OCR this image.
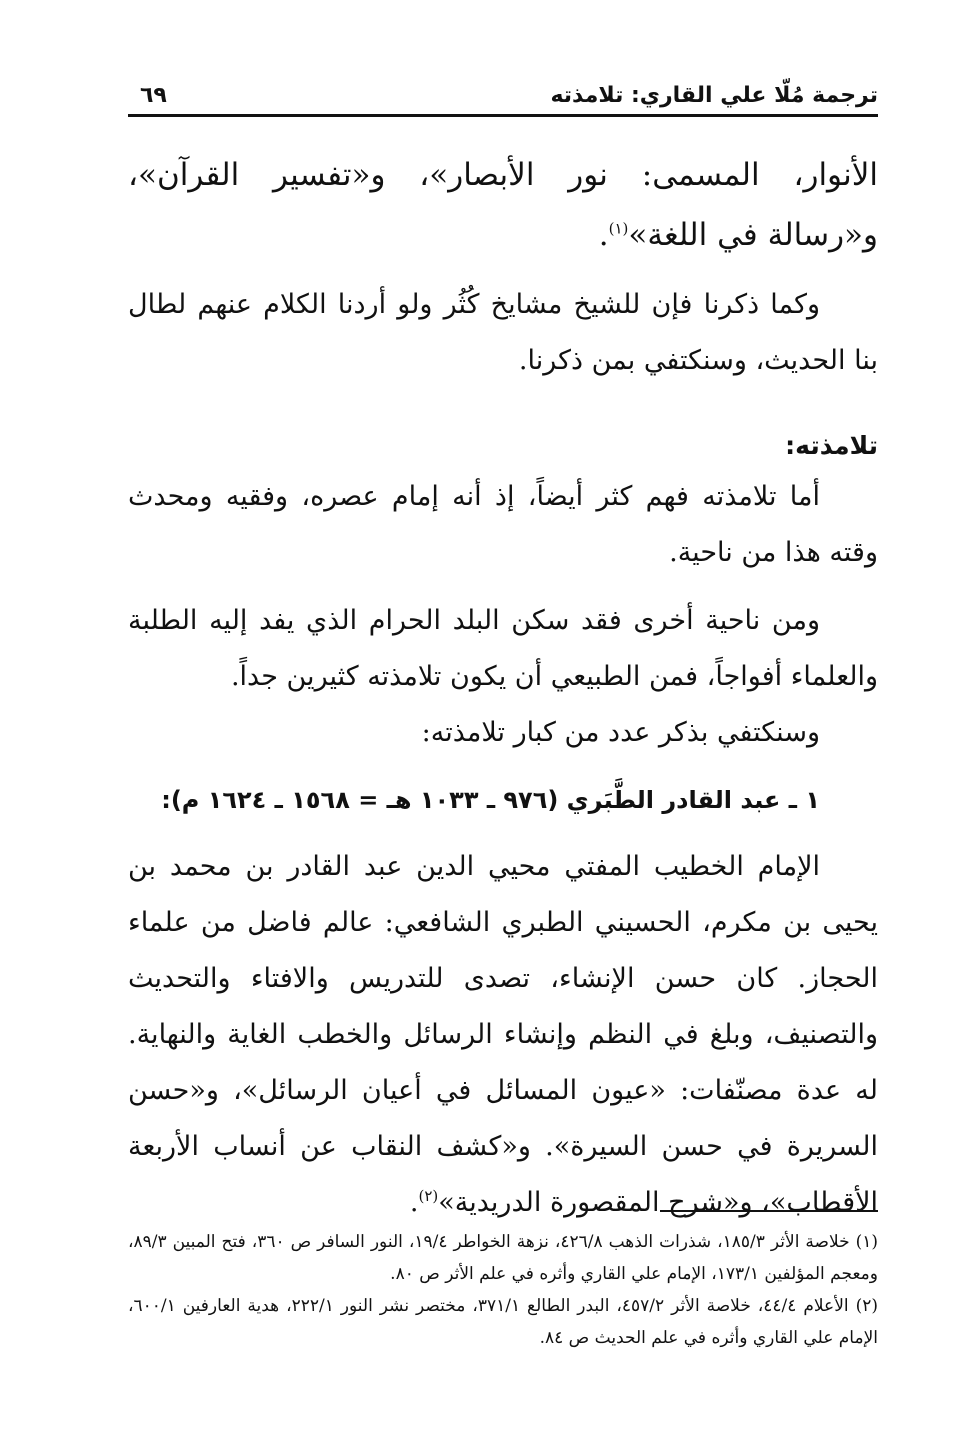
ترجمة مُلّا علي القاري: تلامذته
٦٩

الأنوار، المسمى: نور الأبصار»، و«تفسير القرآن»، و«رسالة في اللغة»$^{(١)}$.

وكما ذكرنا فإن للشيخ مشايخ كُثُر ولو أردنا الكلام عنهم لطال بنا الحديث، وسنكتفي بمن ذكرنا.

تلامذته:

أما تلامذته فهم كثر أيضاً، إذ أنه إمام عصره، وفقيه ومحدث وقته هذا من ناحية.

ومن ناحية أخرى فقد سكن البلد الحرام الذي يفد إليه الطلبة والعلماء أفواجاً، فمن الطبيعي أن يكون تلامذته كثيرين جداً.

وسنكتفي بذكر عدد من كبار تلامذته:

١ ـ عبد القادر الطَّبَري (٩٧٦ ـ ١٠٣٣ هـ = ١٥٦٨ ـ ١٦٢٤ م):

الإمام الخطيب المفتي محيي الدين عبد القادر بن محمد بن يحيى بن مكرم، الحسيني الطبري الشافعي: عالم فاضل من علماء الحجاز. كان حسن الإنشاء، تصدى للتدريس والافتاء والتحديث والتصنيف، وبلغ في النظم وإنشاء الرسائل والخطب الغاية والنهاية. له عدة مصنّفات: «عيون المسائل في أعيان الرسائل»، و«حسن السريرة في حسن السيرة». و«كشف النقاب عن أنساب الأربعة الأقطاب»، و«شرح المقصورة الدريدية»$^{(٢)}$.

(١) خلاصة الأثر ١٨٥/٣، شذرات الذهب ٤٢٦/٨، نزهة الخواطر ١٩/٤، النور السافر ص ٣٦٠، فتح المبين ٨٩/٣، ومعجم المؤلفين ١٧٣/١، الإمام علي القاري وأثره في علم الأثر ص ٨٠.

(٢) الأعلام ٤٤/٤، خلاصة الأثر ٤٥٧/٢، البدر الطالع ٣٧١/١، مختصر نشر النور ٢٢٢/١، هدية العارفين ٦٠٠/١، الإمام علي القاري وأثره في علم الحديث ص ٨٤.
